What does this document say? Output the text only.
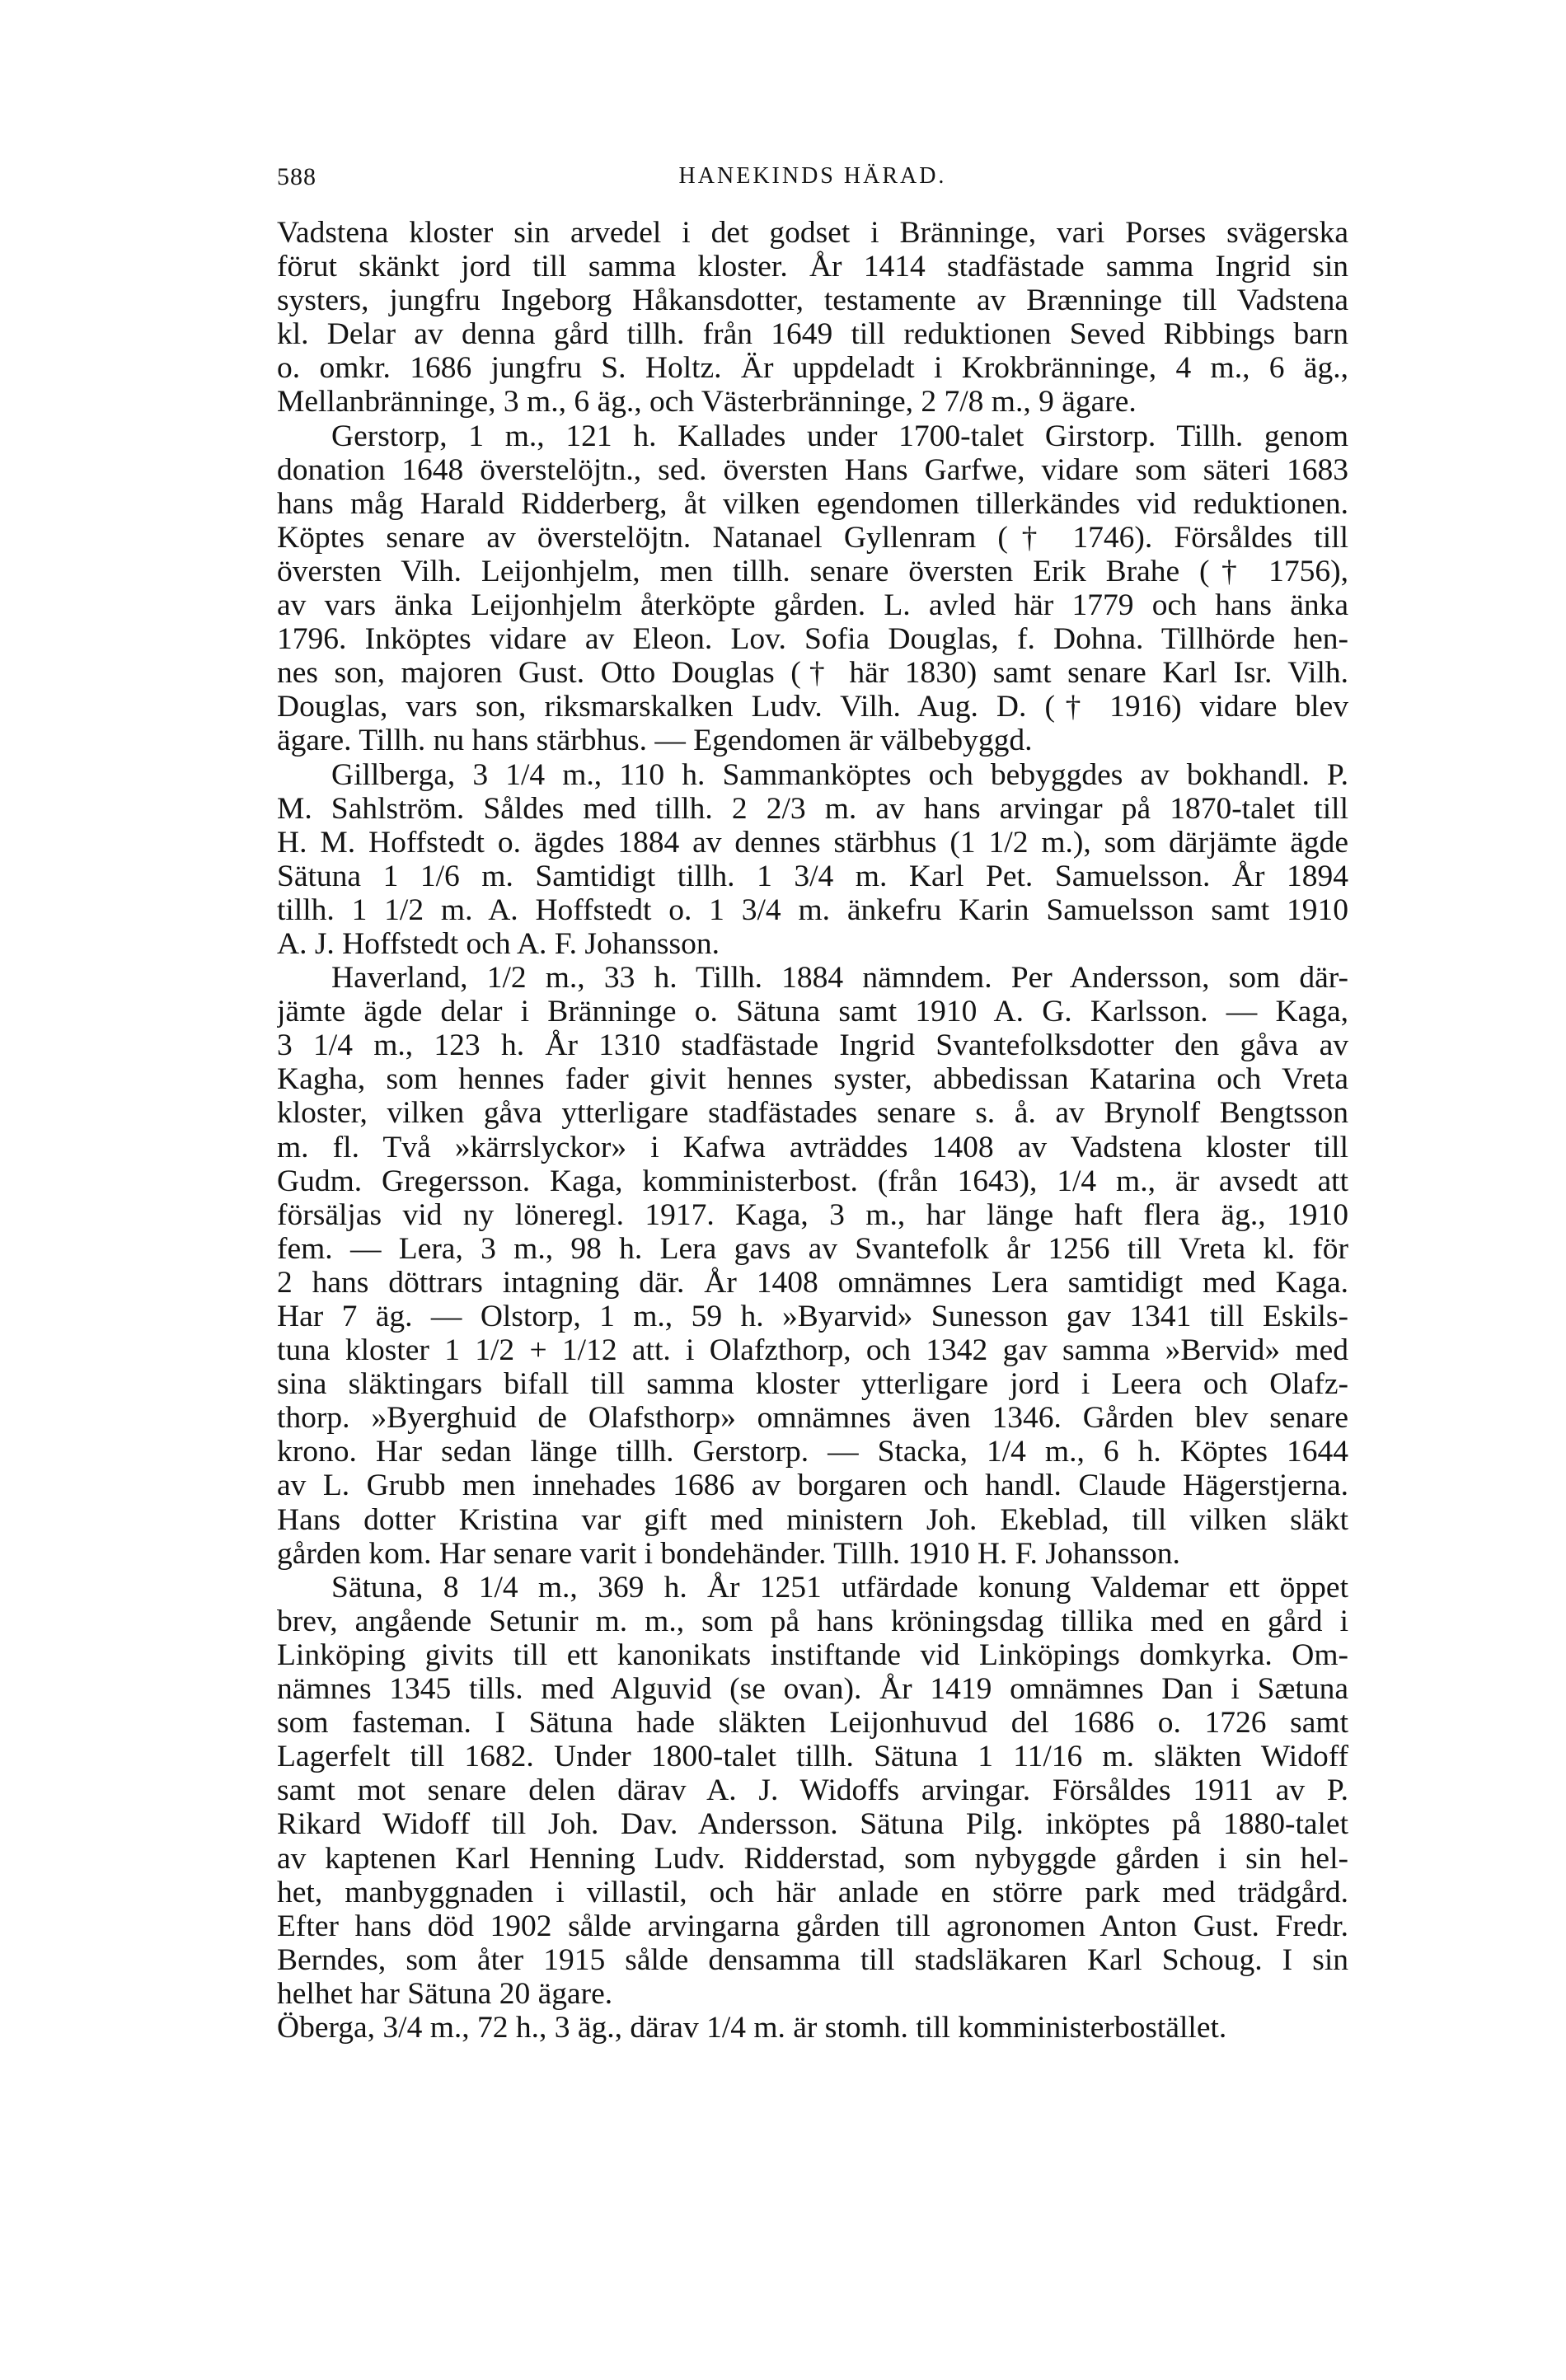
588	HANEKINDS HÄRAD.
Vadstena kloster sin arvedel i det godset i Bränninge, vari Porses svägerska
förut skänkt jord till samma kloster. År 1414 stadfästade samma Ingrid sin
systers, jungfru Ingeborg Håkansdotter, testamente av Brænninge till Vadstena
kl. Delar av denna gård tillh. från 1649 till reduktionen Seved Ribbings barn
o. omkr. 1686 jungfru S. Holtz. Är uppdeladt i Krokbränninge, 4 m., 6 äg.,
Mellanbränninge, 3 m., 6 äg., och Västerbränninge, 2 7/8 m., 9 ägare.
Gerstorp, 1 m., 121 h. Kallades under 1700-talet Girstorp. Tillh. genom
donation 1648 överstelöjtn., sed. översten Hans Garfwe, vidare som säteri 1683
hans måg Harald Ridderberg, åt vilken egendomen tillerkändes vid reduktionen.
Köptes senare av överstelöjtn. Natanael Gyllenram († 1746). Försåldes till
översten Vilh. Leijonhjelm, men tillh. senare översten Erik Brahe († 1756),
av vars änka Leijonhjelm återköpte gården. L. avled här 1779 och hans änka
1796. Inköptes vidare av Eleon. Lov. Sofia Douglas, f. Dohna. Tillhörde hen-
nes son, majoren Gust. Otto Douglas († här 1830) samt senare Karl Isr. Vilh.
Douglas, vars son, riksmarskalken Ludv. Vilh. Aug. D. († 1916) vidare blev
ägare. Tillh. nu hans stärbhus. — Egendomen är välbebyggd.
Gillberga, 3 1/4 m., 110 h. Sammanköptes och bebyggdes av bokhandl. P.
M. Sahlström. Såldes med tillh. 2 2/3 m. av hans arvingar på 1870-talet till
H. M. Hoffstedt o. ägdes 1884 av dennes stärbhus (1 1/2 m.), som därjämte ägde
Sätuna 1 1/6 m. Samtidigt tillh. 1 3/4 m. Karl Pet. Samuelsson. År 1894
tillh. 1 1/2 m. A. Hoffstedt o. 1 3/4 m. änkefru Karin Samuelsson samt 1910
A. J. Hoffstedt och A. F. Johansson.
Haverland, 1/2 m., 33 h. Tillh. 1884 nämndem. Per Andersson, som där-
jämte ägde delar i Bränninge o. Sätuna samt 1910 A. G. Karlsson. — Kaga,
3 1/4 m., 123 h. År 1310 stadfästade Ingrid Svantefolksdotter den gåva av
Kagha, som hennes fader givit hennes syster, abbedissan Katarina och Vreta
kloster, vilken gåva ytterligare stadfästades senare s. å. av Brynolf Bengtsson
m. fl. Två »kärrslyckor» i Kafwa avträddes 1408 av Vadstena kloster till
Gudm. Gregersson. Kaga, komministerbost. (från 1643), 1/4 m., är avsedt att
försäljas vid ny löneregl. 1917. Kaga, 3 m., har länge haft flera äg., 1910
fem. — Lera, 3 m., 98 h. Lera gavs av Svantefolk år 1256 till Vreta kl. för
2 hans döttrars intagning där. År 1408 omnämnes Lera samtidigt med Kaga.
Har 7 äg. — Olstorp, 1 m., 59 h. »Byarvid» Sunesson gav 1341 till Eskils-
tuna kloster 1 1/2 + 1/12 att. i Olafzthorp, och 1342 gav samma »Bervid» med
sina släktingars bifall till samma kloster ytterligare jord i Leera och Olafz-
thorp. »Byerghuid de Olafsthorp» omnämnes även 1346. Gården blev senare
krono. Har sedan länge tillh. Gerstorp. — Stacka, 1/4 m., 6 h. Köptes 1644
av L. Grubb men innehades 1686 av borgaren och handl. Claude Hägerstjerna.
Hans dotter Kristina var gift med ministern Joh. Ekeblad, till vilken släkt
gården kom. Har senare varit i bondehänder. Tillh. 1910 H. F. Johansson.
Sätuna, 8 1/4 m., 369 h. År 1251 utfärdade konung Valdemar ett öppet
brev, angående Setunir m. m., som på hans kröningsdag tillika med en gård i
Linköping givits till ett kanonikats instiftande vid Linköpings domkyrka. Om-
nämnes 1345 tills. med Alguvid (se ovan). År 1419 omnämnes Dan i Sætuna
som fasteman. I Sätuna hade släkten Leijonhuvud del 1686 o. 1726 samt
Lagerfelt till 1682. Under 1800-talet tillh. Sätuna 1 11/16 m. släkten Widoff
samt mot senare delen därav A. J. Widoffs arvingar. Försåldes 1911 av P.
Rikard Widoff till Joh. Dav. Andersson. Sätuna Pilg. inköptes på 1880-talet
av kaptenen Karl Henning Ludv. Ridderstad, som nybyggde gården i sin hel-
het, manbyggnaden i villastil, och här anlade en större park med trädgård.
Efter hans död 1902 sålde arvingarna gården till agronomen Anton Gust. Fredr.
Berndes, som åter 1915 sålde densamma till stadsläkaren Karl Schoug. I sin
helhet har Sätuna 20 ägare.
Öberga, 3/4 m., 72 h., 3 äg., därav 1/4 m. är stomh. till komministerbostället.
